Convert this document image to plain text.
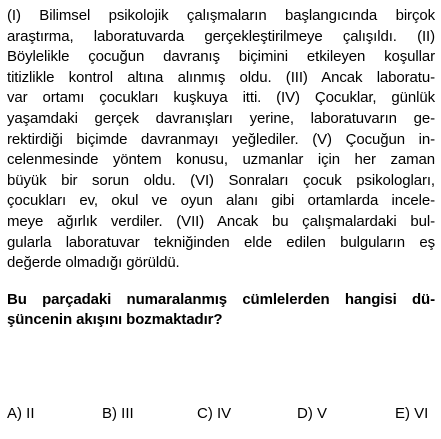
(I) Bilimsel psikolojik çalışmaların başlangıcında birçok
araştırma, laboratuvarda gerçekleştirilmeye çalışıldı. (II)
Böylelikle çocuğun davranış biçimini etkileyen koşullar
titizlikle kontrol altına alınmış oldu. (III) Ancak laboratu-
var ortamı çocukları kuşkuya itti. (IV) Çocuklar, günlük
yaşamdaki gerçek davranışları yerine, laboratuvarın ge-
rektirdiği biçimde davranmayı yeğlediler. (V) Çocuğun in-
celenmesinde yöntem konusu, uzmanlar için her zaman
büyük bir sorun oldu. (VI) Sonraları çocuk psikologları,
çocukları ev, okul ve oyun alanı gibi ortamlarda incele-
meye ağırlık verdiler. (VII) Ancak bu çalışmalardaki bul-
gularla laboratuvar tekniğinden elde edilen bulguların eş
değerde olmadığı görüldü.

Bu parçadaki numaralanmış cümlelerden hangisi dü-
şüncenin akışını bozmaktadır?

A) II	B) III	C) IV	D) V	E) VI
